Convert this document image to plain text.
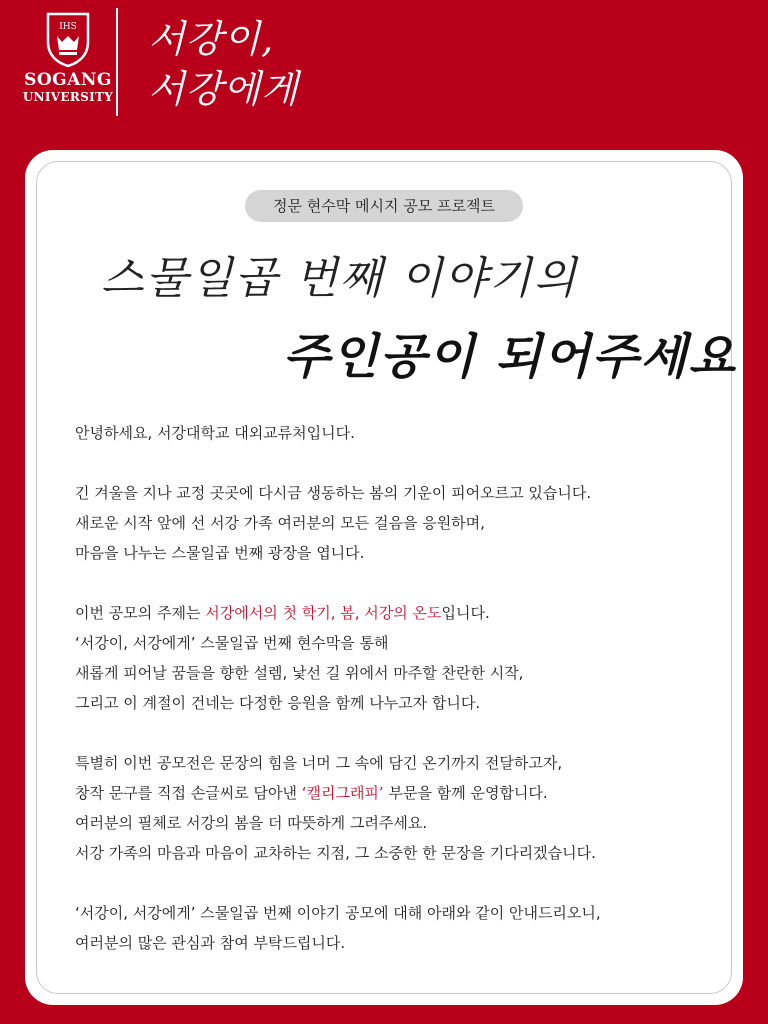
IHS
SOGANG
UNIVERSITY
서강이,
서강에게
정문 현수막 메시지 공모 프로젝트
스물일곱 번째 이야기의
주인공이 되어주세요
안녕하세요, 서강대학교 대외교류처입니다.
긴 겨울을 지나 교정 곳곳에 다시금 생동하는 봄의 기운이 피어오르고 있습니다.
새로운 시작 앞에 선 서강 가족 여러분의 모든 걸음을 응원하며,
마음을 나누는 스물일곱 번째 광장을 엽니다.
이번 공모의 주제는 서강에서의 첫 학기, 봄, 서강의 온도입니다.
‘서강이, 서강에게’ 스물일곱 번째 현수막을 통해
새롭게 피어날 꿈들을 향한 설렘, 낯선 길 위에서 마주할 찬란한 시작,
그리고 이 계절이 건네는 다정한 응원을 함께 나누고자 합니다.
특별히 이번 공모전은 문장의 힘을 너머 그 속에 담긴 온기까지 전달하고자,
창작 문구를 직접 손글씨로 담아낸 ‘캘리그래피’ 부문을 함께 운영합니다.
여러분의 필체로 서강의 봄을 더 따뜻하게 그려주세요.
서강 가족의 마음과 마음이 교차하는 지점, 그 소중한 한 문장을 기다리겠습니다.
‘서강이, 서강에게’ 스물일곱 번째 이야기 공모에 대해 아래와 같이 안내드리오니,
여러분의 많은 관심과 참여 부탁드립니다.
